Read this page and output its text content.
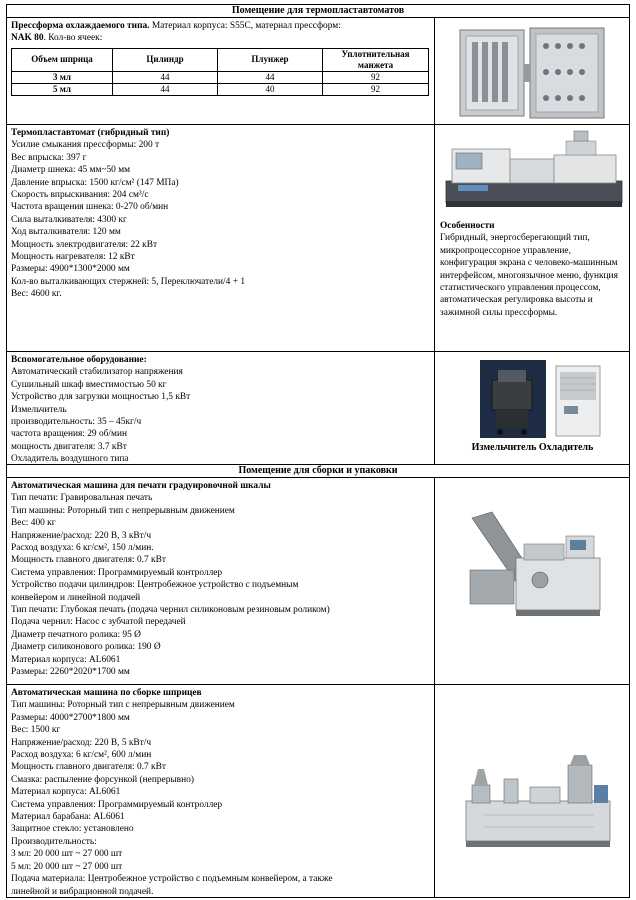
Помещение для термопластавтоматов
Прессформа охлаждаемого типа. Материал корпуса: S55C, материал прессформ:
NAK 80. Кол-во ячеек:
Объем шприца	Цилиндр	Плунжер	Уплотнительная манжета
3 мл	44	44	92
5 мл	44	40	92
Термопластавтомат (гибридный тип)
Усилие смыкания прессформы: 200 т
Вес впрыска: 397 г
Диаметр шнека: 45 мм~50 мм
Давление впрыска: 1500 кг/см² (147 МПа)
Скорость впрыскивания: 204 см³/с
Частота вращения шнека: 0-270 об/мин
Сила выталкивателя: 4300 кг
Ход выталкивателя: 120 мм
Мощность электродвигателя: 22 кВт
Мощность нагревателя: 12 кВт
Размеры: 4900*1300*2000 мм
Кол-во выталкивающих стержней: 5, Переключатели/4 + 1
Вес: 4600 кг.
Особенности
Гибридный, энергосберегающий тип, микропроцессорное управление, конфигурация экрана с человеко-машинным интерфейсом, многоязычное меню, функция статистического управления процессом, автоматическая регулировка высоты и зажимной силы прессформы.
Вспомогательное оборудование:
Автоматический стабилизатор напряжения
Сушильный шкаф вместимостью 50 кг
Устройство для загрузки мощностью 1,5 кВт
Измельчитель
производительность: 35 – 45кг/ч
частота вращения: 29 об/мин
мощность двигателя: 3.7 кВт
Охладитель воздушного типа
Измельчитель Охладитель
Помещение для сборки и упаковки
Автоматическая машина для печати градуировочной шкалы
Тип печати: Гравировальная печать
Тип машины: Роторный тип с непрерывным движением
Вес: 400 кг
Напряжение/расход: 220 В, 3 кВт/ч
Расход воздуха: 6 кг/см², 150 л/мин.
Мощность главного двигателя: 0.7 кВт
Система управления: Программируемый контроллер
Устройство подачи цилиндров: Центробежное устройство с подъемным
конвейером и линейной подачей
Тип печати: Глубокая печать (подача чернил силиконовым резиновым роликом)
Подача чернил: Насос с зубчатой передачей
Диаметр печатного ролика: 95 Ø
Диаметр силиконового ролика: 190 Ø
Материал корпуса: AL6061
Размеры: 2260*2020*1700 мм
Автоматическая машина по сборке шприцев
Тип машины: Роторный тип с непрерывным движением
Размеры: 4000*2700*1800 мм
Вес: 1500 кг
Напряжение/расход: 220 В, 5 кВт/ч
Расход воздуха: 6 кг/см², 600 л/мин
Мощность главного двигателя: 0.7 кВт
Смазка: распыление форсункой (непрерывно)
Материал корпуса: AL6061
Система управления: Программируемый контроллер
Материал барабана: AL6061
Защитное стекло: установлено
Производительность:
3 мл: 20 000 шт ~ 27 000 шт
5 мл: 20 000 шт ~ 27 000 шт
Подача материала: Центробежное устройство с подъемным конвейером, а также
линейной и вибрационной подачей.
